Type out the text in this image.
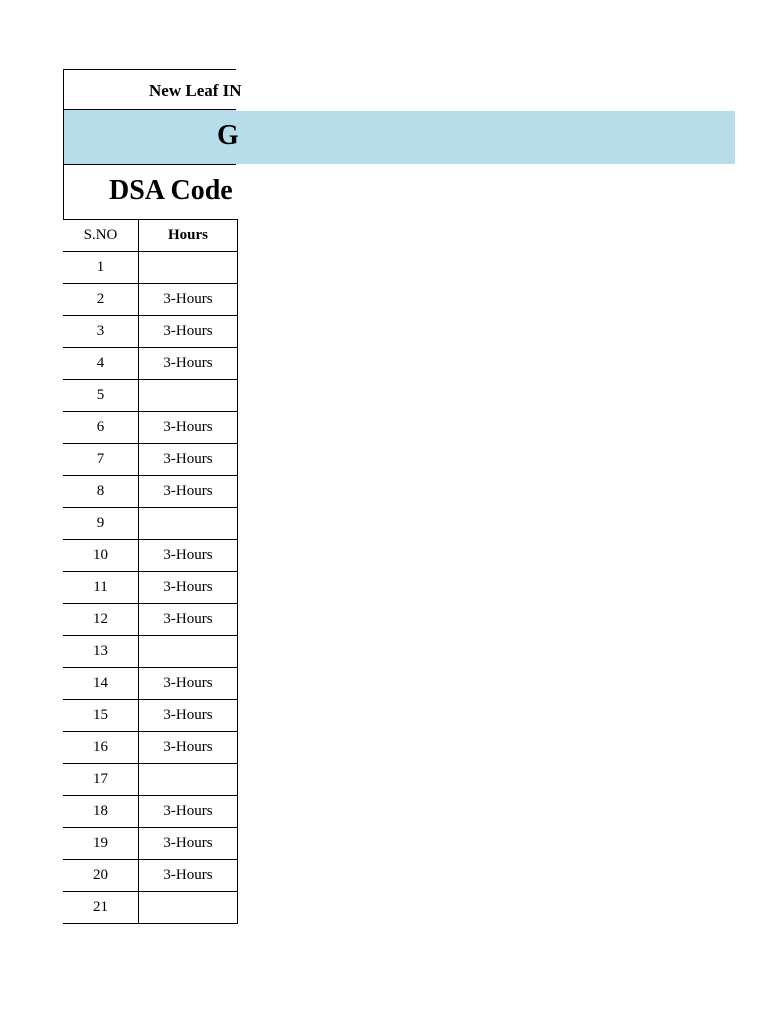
New Leaf IN
G
DSA Code
S.NO	Hours
1	
2	3-Hours
3	3-Hours
4	3-Hours
5	
6	3-Hours
7	3-Hours
8	3-Hours
9	
10	3-Hours
11	3-Hours
12	3-Hours
13	
14	3-Hours
15	3-Hours
16	3-Hours
17	
18	3-Hours
19	3-Hours
20	3-Hours
21	
